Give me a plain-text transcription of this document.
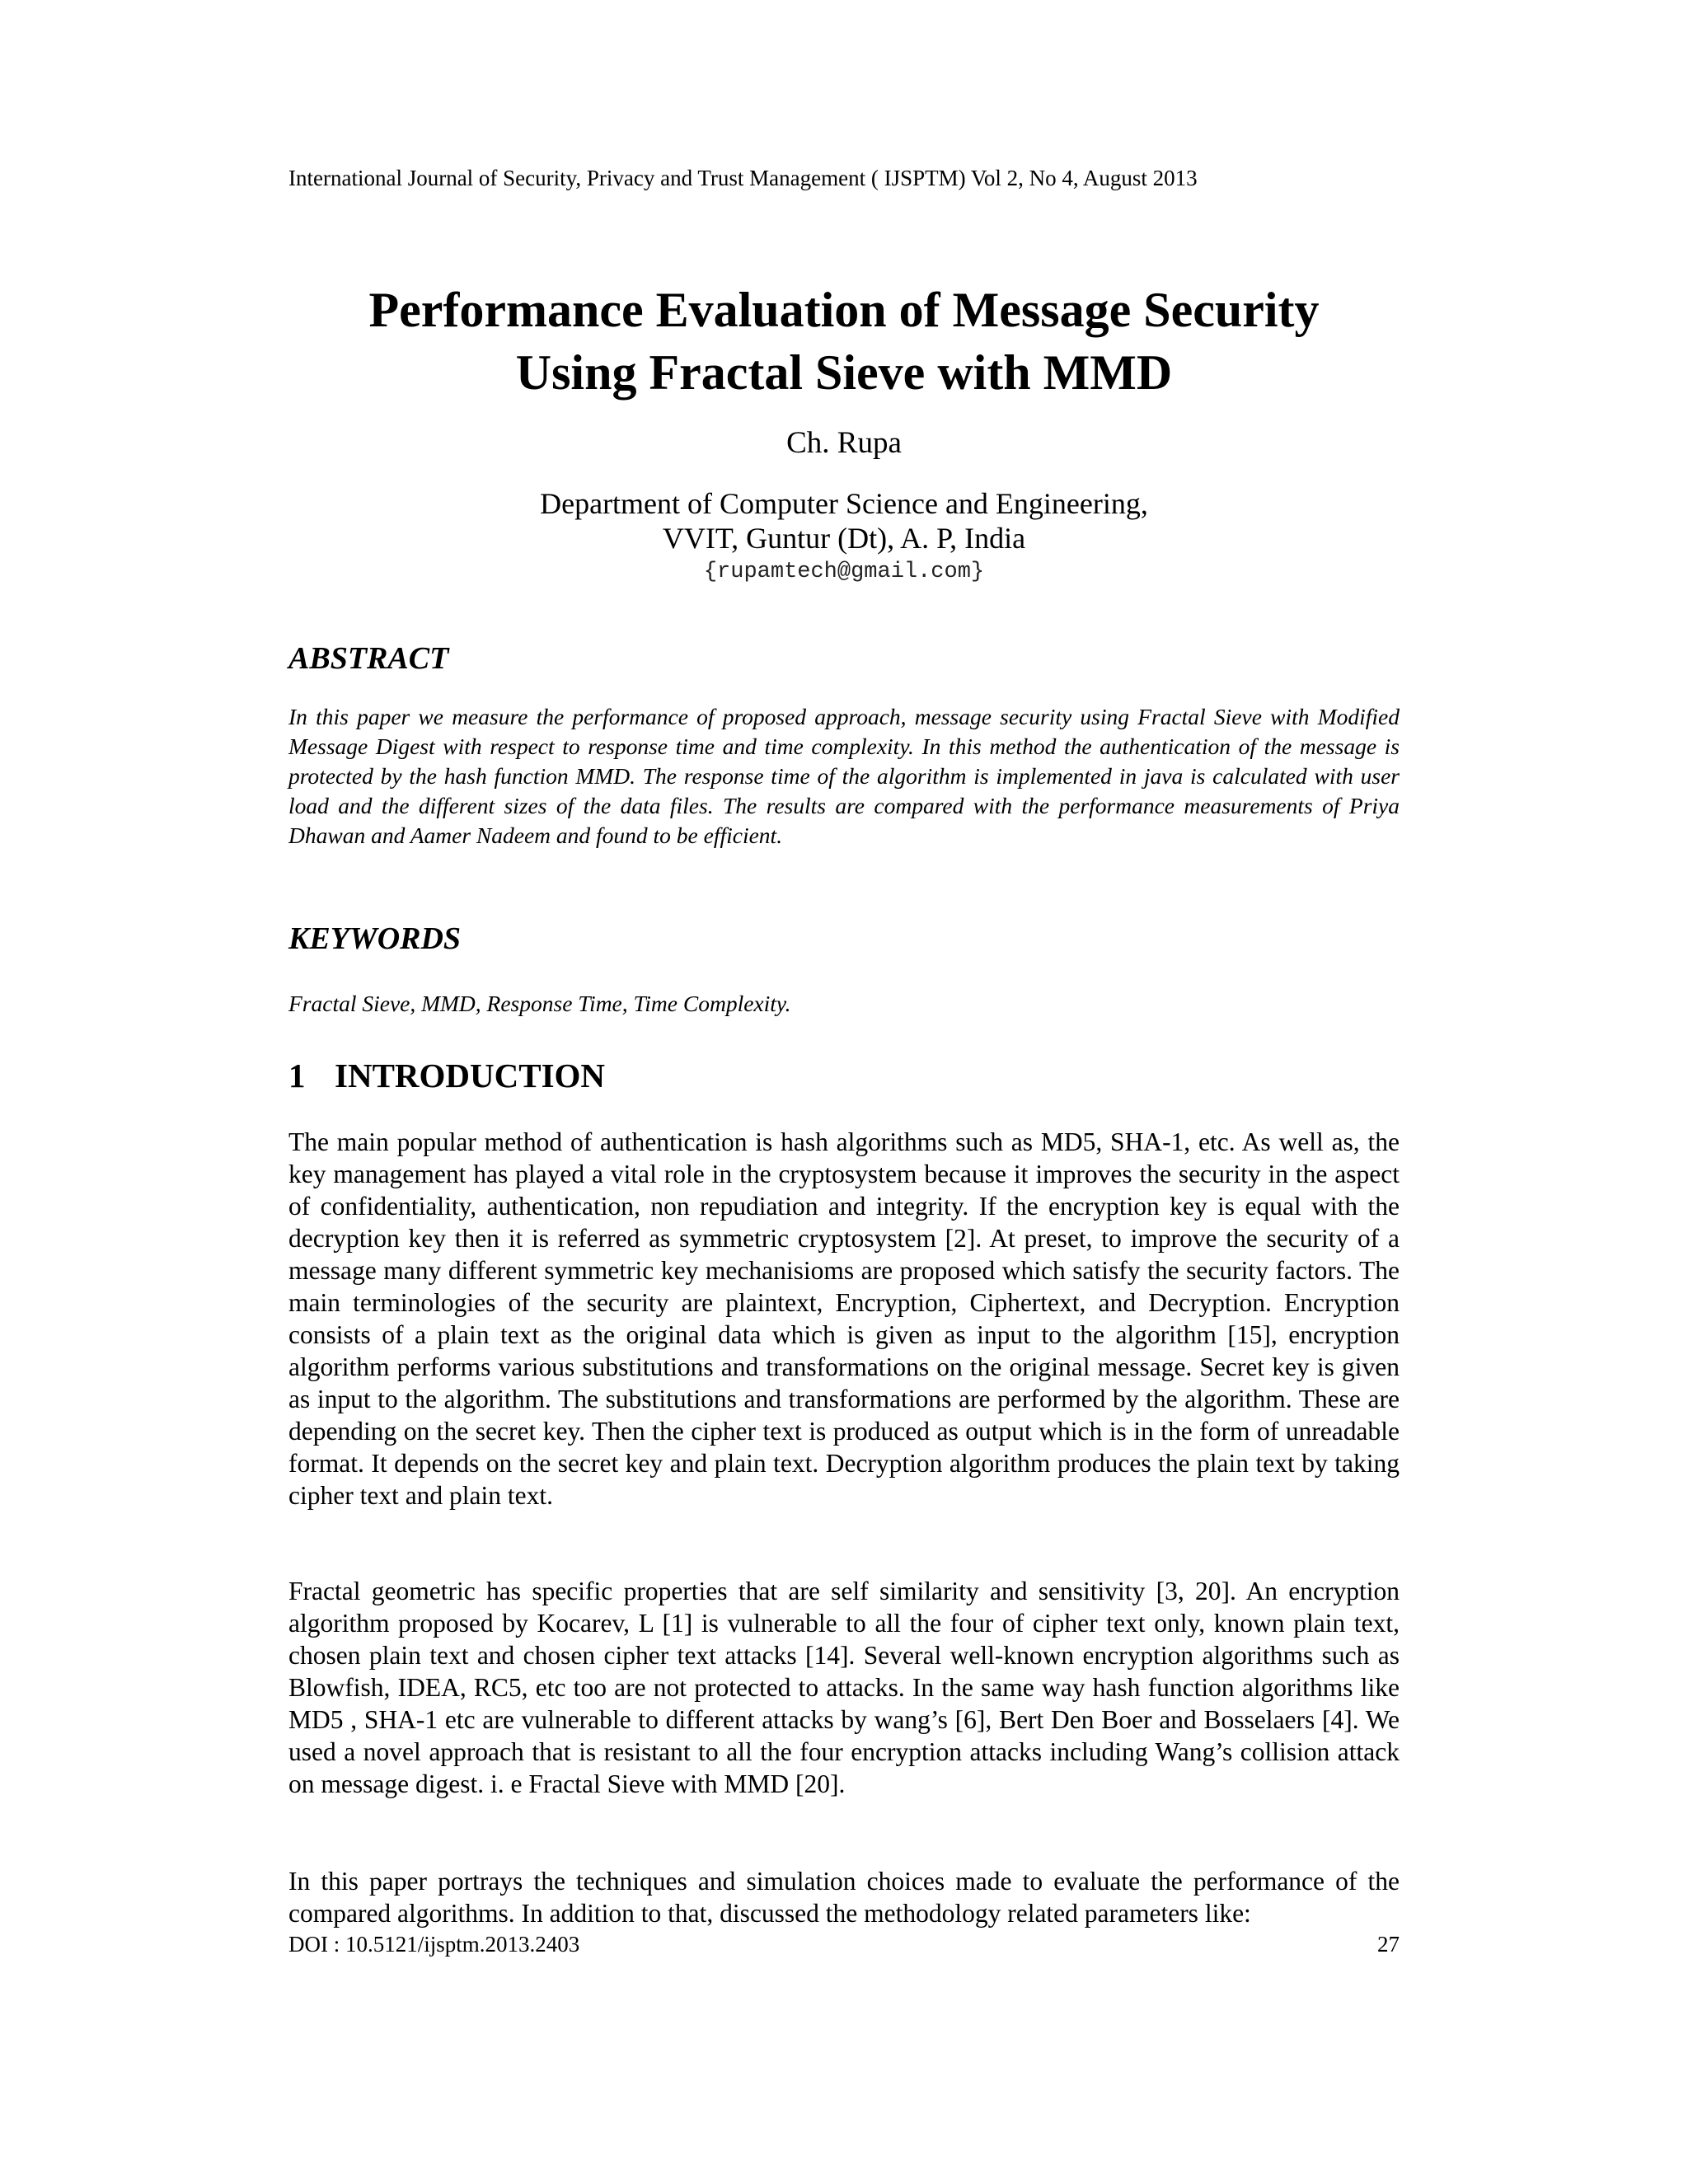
International Journal of Security, Privacy and Trust Management ( IJSPTM) Vol 2, No 4, August 2013
Performance Evaluation of Message Security
Using Fractal Sieve with MMD
Ch. Rupa
Department of Computer Science and Engineering,
VVIT, Guntur (Dt), A. P, India
{rupamtech@gmail.com}
ABSTRACT
In this paper we measure the performance of proposed approach, message security using Fractal Sieve with Modified Message Digest with respect to response time and time complexity. In this method the authentication of the message is protected by the hash function MMD. The response time of the algorithm is implemented in java is calculated with user load and the different sizes of the data files. The results are compared with the performance measurements of Priya Dhawan and Aamer Nadeem and found to be efficient.
KEYWORDS
Fractal Sieve, MMD, Response Time, Time Complexity.
1 INTRODUCTION
The main popular method of authentication is hash algorithms such as MD5, SHA-1, etc. As well as, the key management has played a vital role in the cryptosystem because it improves the security in the aspect of confidentiality, authentication, non repudiation and integrity. If the encryption key is equal with the decryption key then it is referred as symmetric cryptosystem [2]. At preset, to improve the security of a message many different symmetric key mechanisioms are proposed which satisfy the security factors. The main terminologies of the security are plaintext, Encryption, Ciphertext, and Decryption. Encryption consists of a plain text as the original data which is given as input to the algorithm [15], encryption algorithm performs various substitutions and transformations on the original message. Secret key is given as input to the algorithm. The substitutions and transformations are performed by the algorithm. These are depending on the secret key. Then the cipher text is produced as output which is in the form of unreadable format. It depends on the secret key and plain text. Decryption algorithm produces the plain text by taking cipher text and plain text.
Fractal geometric has specific properties that are self similarity and sensitivity [3, 20]. An encryption algorithm proposed by Kocarev, L [1] is vulnerable to all the four of cipher text only, known plain text, chosen plain text and chosen cipher text attacks [14]. Several well-known encryption algorithms such as Blowfish, IDEA, RC5, etc too are not protected to attacks. In the same way hash function algorithms like MD5 , SHA-1 etc are vulnerable to different attacks by wang’s [6], Bert Den Boer and Bosselaers [4]. We used a novel approach that is resistant to all the four encryption attacks including Wang’s collision attack on message digest. i. e Fractal Sieve with MMD [20].
In this paper portrays the techniques and simulation choices made to evaluate the performance of the compared algorithms. In addition to that, discussed the methodology related parameters like:
DOI : 10.5121/ijsptm.2013.2403	27
